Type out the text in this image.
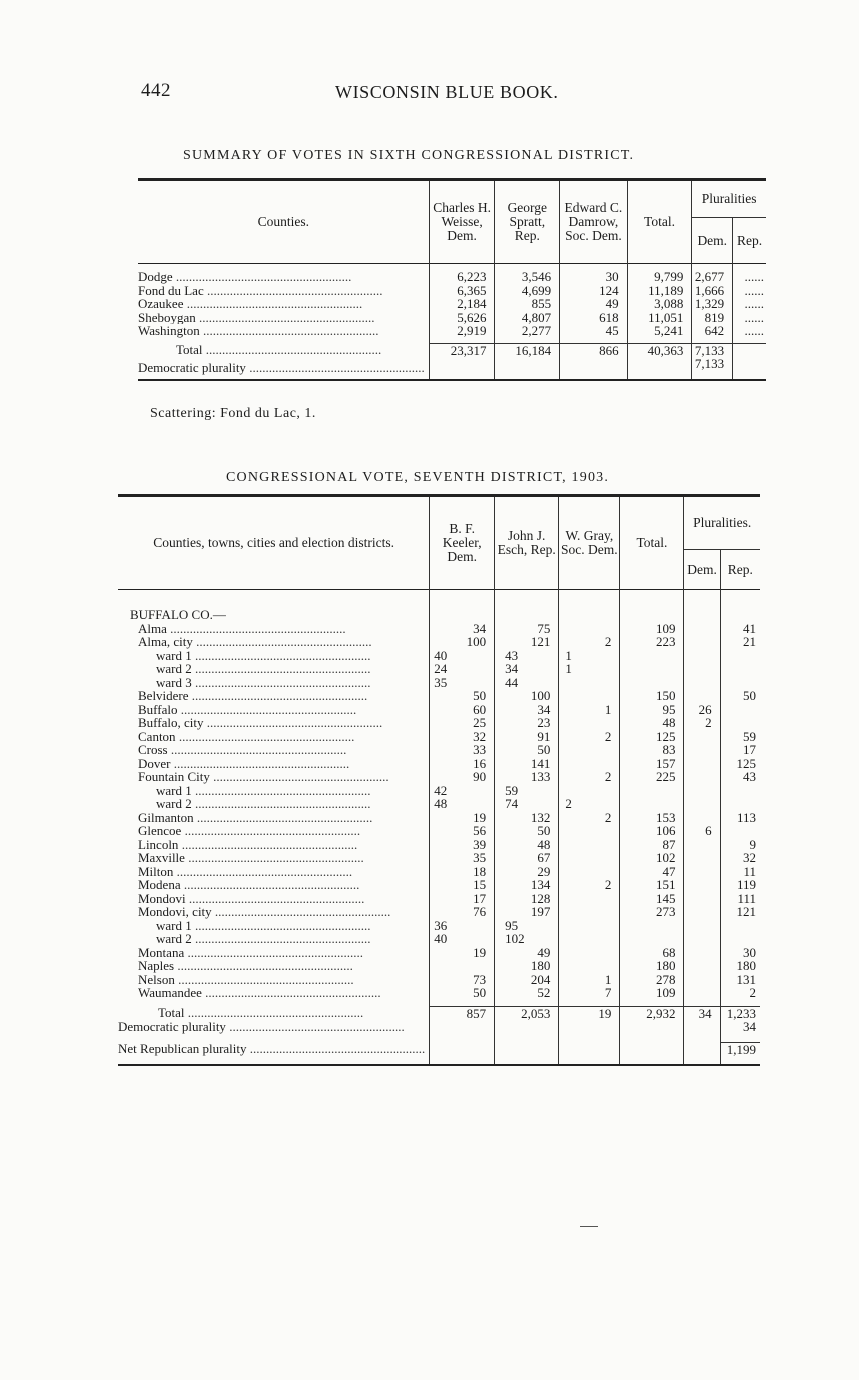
442	WISCONSIN BLUE BOOK.
SUMMARY OF VOTES IN SIXTH CONGRESSIONAL DISTRICT.
Counties.	Charles H. Weisse, Dem.	George Spratt, Rep.	Edward C. Damrow, Soc. Dem.	Total.	Pluralities	
					Dem.	Rep.

Dodge .....	6,223	3,546	30	9,799	2,677	......
Fond du Lac .....	6,365	4,699	124	11,189	1,666	......
Ozaukee .....	2,184	855	49	3,088	1,329	......
Sheboygan .....	5,626	4,807	618	11,051	819	......
Washington .....	2,919	2,277	45	5,241	642	......

Total .....	23,317	16,184	866	40,363	7,133	
Democratic plurality .....					7,133	
Scattering: Fond du Lac, 1.
CONGRESSIONAL VOTE, SEVENTH DISTRICT, 1903.
Counties, towns, cities and election districts.	B. F. Keeler, Dem.	John J. Esch, Rep.	W. Gray, Soc. Dem.	Total.	Pluralities.	
					Dem.	Rep.

BUFFALO CO.—						
Alma .....	34	75		109		41
Alma, city .....	100	121	2	223		21
ward 1 .....	40	43	1			
ward 2 .....	24	34	1			
ward 3 .....	35	44				
Belvidere .....	50	100		150		50
Buffalo .....	60	34	1	95	26	
Buffalo, city .....	25	23		48	2	
Canton .....	32	91	2	125		59
Cross .....	33	50		83		17
Dover .....	16	141		157		125
Fountain City .....	90	133	2	225		43
ward 1 .....	42	59				
ward 2 .....	48	74	2			
Gilmanton .....	19	132	2	153		113
Glencoe .....	56	50		106	6	
Lincoln .....	39	48		87		9
Maxville .....	35	67		102		32
Milton .....	18	29		47		11
Modena .....	15	134	2	151		119
Mondovi .....	17	128		145		111
Mondovi, city .....	76	197		273		121
ward 1 .....	36	95				
ward 2 .....	40	102				
Montana .....	19	49		68		30
Naples .....		180		180		180
Nelson .....	73	204	1	278		131
Waumandee .....	50	52	7	109		2

Total .....	857	2,053	19	2,932	34	1,233
Democratic plurality .....						34

Net Republican plurality .....						1,199
